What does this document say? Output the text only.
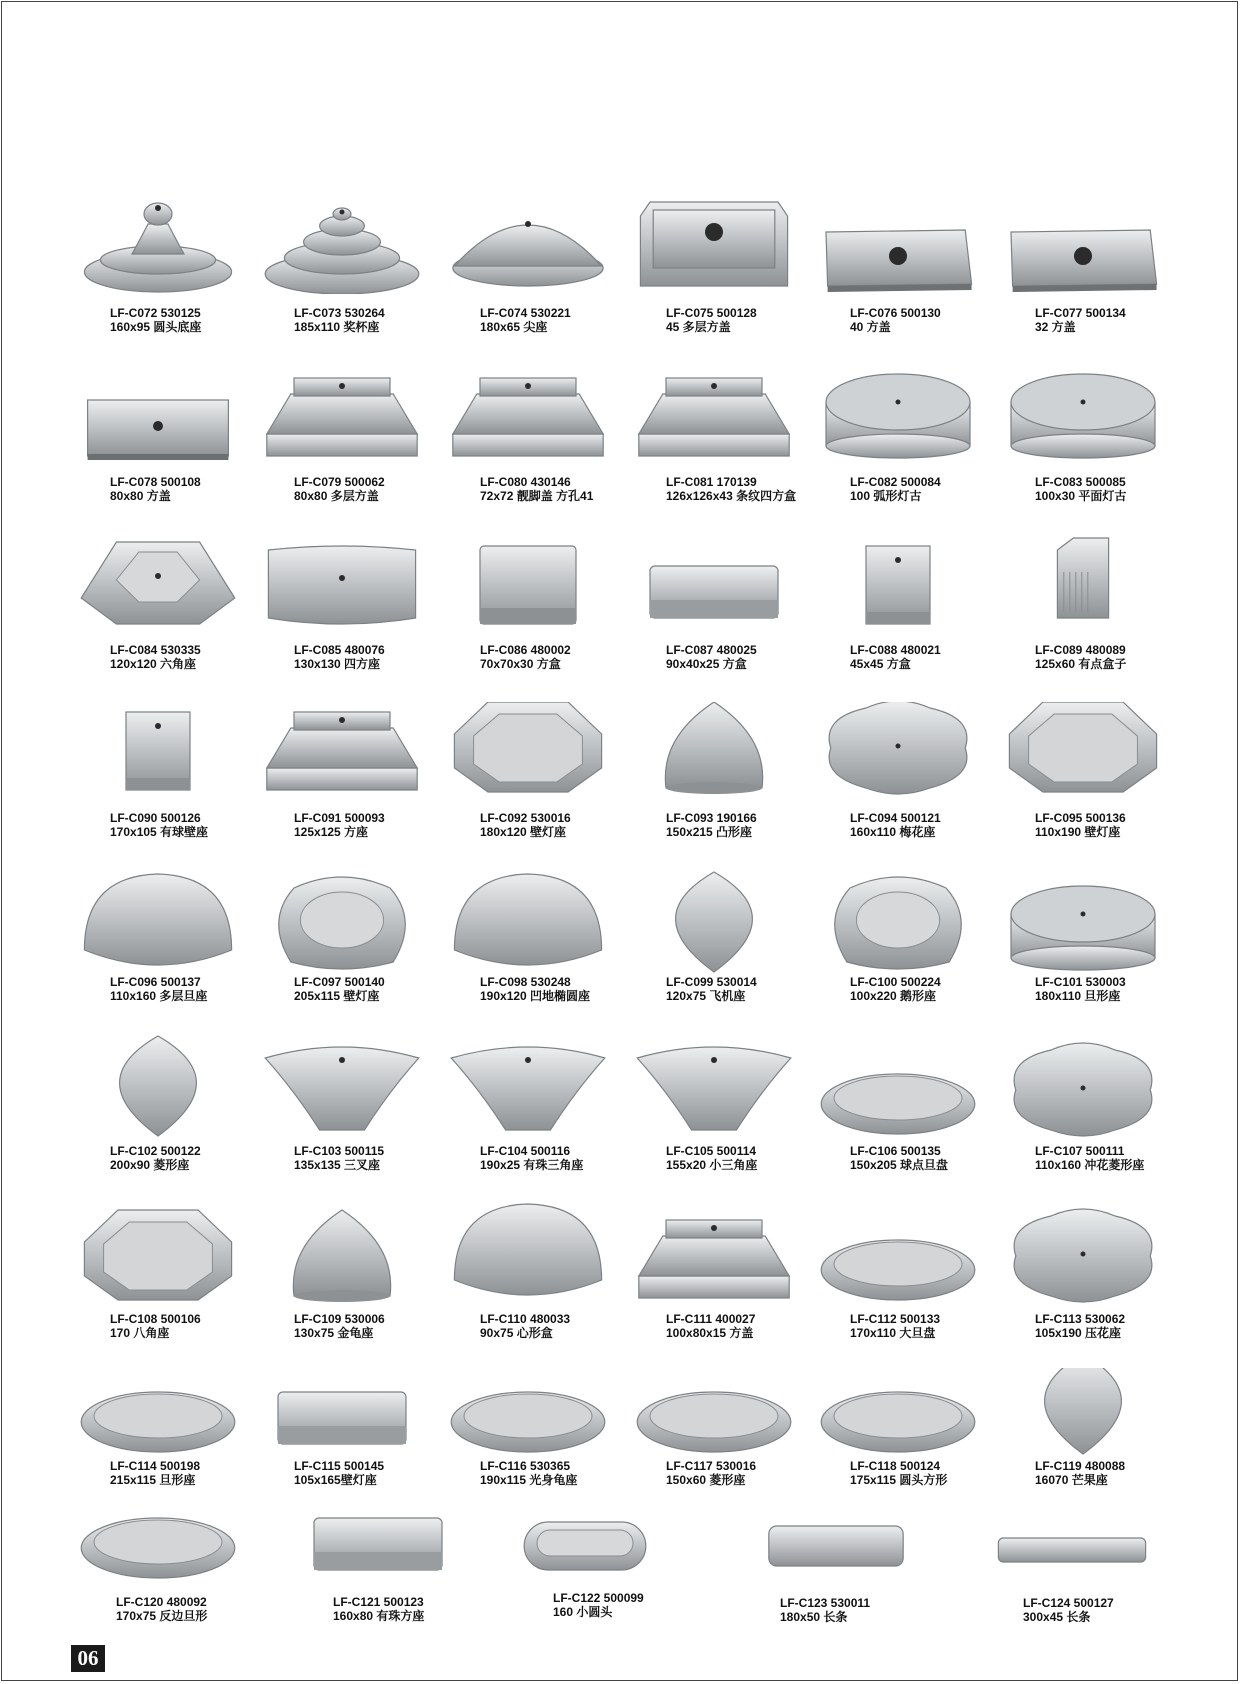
LF-C072 530125
160x95 圆头底座
LF-C073 530264
185x110 奖杯座
LF-C074 530221
180x65 尖座
LF-C075 500128
45 多层方盖
LF-C076 500130
40 方盖
LF-C077 500134
32 方盖
LF-C078 500108
80x80 方盖
LF-C079 500062
80x80 多层方盖
LF-C080 430146
72x72 靓脚盖 方孔41
LF-C081 170139
126x126x43 条纹四方盒
LF-C082 500084
100 弧形灯古
LF-C083 500085
100x30 平面灯古
LF-C084 530335
120x120 六角座
LF-C085 480076
130x130 四方座
LF-C086 480002
70x70x30 方盒
LF-C087 480025
90x40x25 方盒
LF-C088 480021
45x45 方盒
LF-C089 480089
125x60 有点盒子
LF-C090 500126
170x105 有球壁座
LF-C091 500093
125x125 方座
LF-C092 530016
180x120 壁灯座
LF-C093 190166
150x215 凸形座
LF-C094 500121
160x110 梅花座
LF-C095 500136
110x190 壁灯座
LF-C096 500137
110x160 多层旦座
LF-C097 500140
205x115 壁灯座
LF-C098 530248
190x120 凹地椭圆座
LF-C099 530014
120x75 飞机座
LF-C100 500224
100x220 鹅形座
LF-C101 530003
180x110 旦形座
LF-C102 500122
200x90 菱形座
LF-C103 500115
135x135 三叉座
LF-C104 500116
190x25 有珠三角座
LF-C105 500114
155x20 小三角座
LF-C106 500135
150x205 球点旦盘
LF-C107 500111
110x160 冲花菱形座
LF-C108 500106
170 八角座
LF-C109 530006
130x75 金龟座
LF-C110 480033
90x75 心形盒
LF-C111 400027
100x80x15 方盖
LF-C112 500133
170x110 大旦盘
LF-C113 530062
105x190 压花座
LF-C114 500198
215x115 旦形座
LF-C115 500145
105x165壁灯座
LF-C116 530365
190x115 光身龟座
LF-C117 530016
150x60 菱形座
LF-C118 500124
175x115 圆头方形
LF-C119 480088
16070 芒果座
LF-C120 480092
170x75 反边旦形
LF-C121 500123
160x80 有珠方座
LF-C122 500099
160 小圆头
LF-C123 530011
180x50 长条
LF-C124 500127
300x45 长条
06
